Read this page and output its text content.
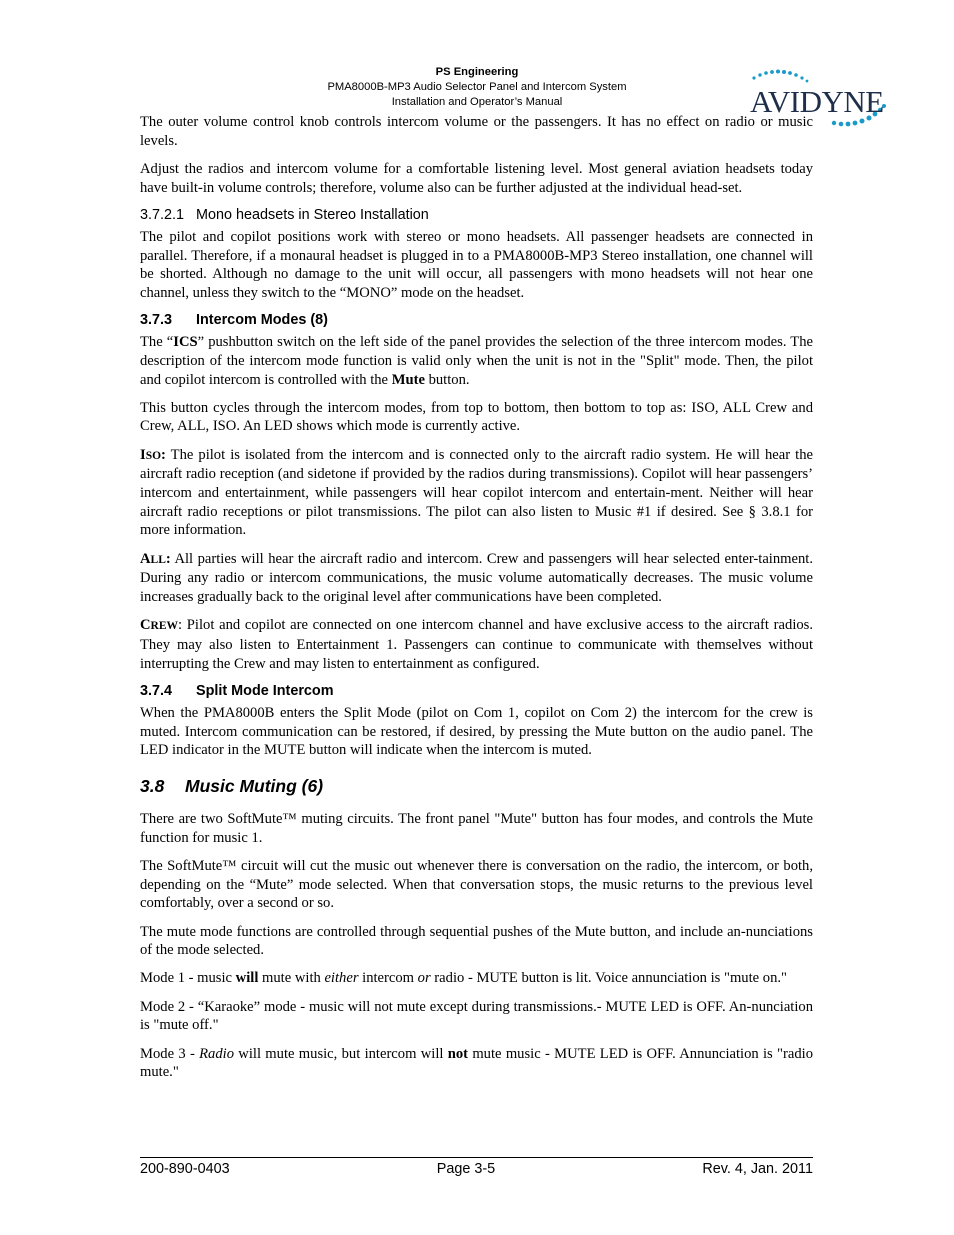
PS Engineering
PMA8000B-MP3 Audio Selector Panel and Intercom System
Installation and Operator’s Manual	AVIDYNE

The outer volume control knob controls intercom volume or the passengers. It has no effect on radio or music levels.

Adjust the radios and intercom volume for a comfortable listening level. Most general aviation headsets today have built-in volume controls; therefore, volume also can be further adjusted at the individual head-set.

3.7.2.1 Mono headsets in Stereo Installation

The pilot and copilot positions work with stereo or mono headsets. All passenger headsets are connected in parallel. Therefore, if a monaural headset is plugged in to a PMA8000B-MP3 Stereo installation, one channel will be shorted. Although no damage to the unit will occur, all passengers with mono headsets will not hear one channel, unless they switch to the “MONO” mode on the headset.

3.7.3 Intercom Modes (8)

The “ICS” pushbutton switch on the left side of the panel provides the selection of the three intercom modes. The description of the intercom mode function is valid only when the unit is not in the "Split" mode. Then, the pilot and copilot intercom is controlled with the Mute button.

This button cycles through the intercom modes, from top to bottom, then bottom to top as: ISO, ALL Crew and Crew, ALL, ISO. An LED shows which mode is currently active.

ISO: The pilot is isolated from the intercom and is connected only to the aircraft radio system. He will hear the aircraft radio reception (and sidetone if provided by the radios during transmissions). Copilot will hear passengers’ intercom and entertainment, while passengers will hear copilot intercom and entertain-ment. Neither will hear aircraft radio receptions or pilot transmissions. The pilot can also listen to Music #1 if desired. See § 3.8.1 for more information.

ALL: All parties will hear the aircraft radio and intercom. Crew and passengers will hear selected enter-tainment. During any radio or intercom communications, the music volume automatically decreases. The music volume increases gradually back to the original level after communications have been completed.

CREW: Pilot and copilot are connected on one intercom channel and have exclusive access to the aircraft radios. They may also listen to Entertainment 1. Passengers can continue to communicate with themselves without interrupting the Crew and may listen to entertainment as configured.

3.7.4 Split Mode Intercom

When the PMA8000B enters the Split Mode (pilot on Com 1, copilot on Com 2) the intercom for the crew is muted. Intercom communication can be restored, if desired, by pressing the Mute button on the audio panel. The LED indicator in the MUTE button will indicate when the intercom is muted.

3.8 Music Muting (6)

There are two SoftMute™ muting circuits. The front panel "Mute" button has four modes, and controls the Mute function for music 1.

The SoftMute™ circuit will cut the music out whenever there is conversation on the radio, the intercom, or both, depending on the “Mute” mode selected. When that conversation stops, the music returns to the previous level comfortably, over a second or so.

The mute mode functions are controlled through sequential pushes of the Mute button, and include an-nunciations of the mode selected.

Mode 1 - music will mute with either intercom or radio - MUTE button is lit. Voice annunciation is "mute on."

Mode 2 - “Karaoke” mode - music will not mute except during transmissions.- MUTE LED is OFF. An-nunciation is "mute off."

Mode 3 - Radio will mute music, but intercom will not mute music - MUTE LED is OFF. Annunciation is "radio mute."

200-890-0403	Page 3-5	Rev. 4, Jan. 2011
